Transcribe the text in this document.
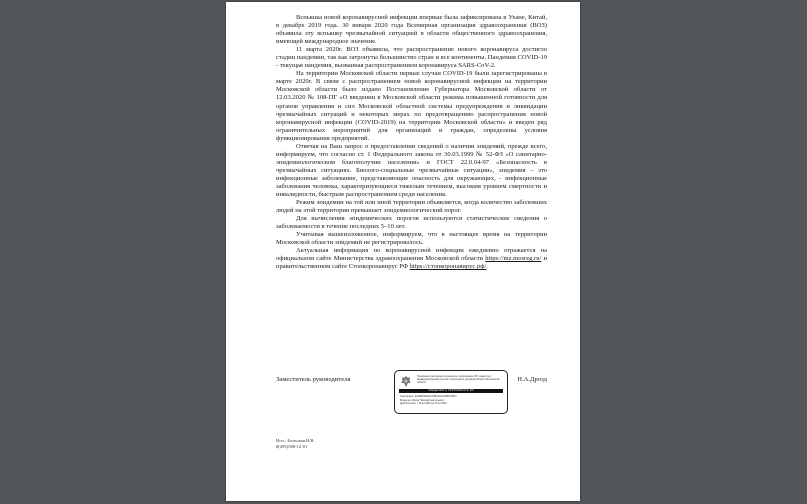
Вспышка новой коронавирусной инфекции впервые была зафиксирована в Ухане, Китай, в декабре 2019 года. 30 января 2020 года Всемирная организация здравоохранения (ВОЗ) объявила эту вспышку чрезвычайной ситуацией в области общественного здравоохранения, имеющей международное значение.

11 марта 2020г. ВОЗ объявила, что распространение нового коронавируса достигло стадии пандемии, так как затронуты большинство стран и все континенты. Пандемия COVID-19 - текущая пандемия, вызванная распространением коронавируса SARS-CoV-2.

На территории Московской области первые случаи COVID-19 были зарегистрированы в марте 2020г. В связи с распространением новой коронавирусной инфекции на территории Московской области было издано Постановление Губернатора Московской области от 12.03.2020 № 108-ПГ «О введении в Московской области режима повышенной готовности для органов управления и сил Московской областной системы предупреждения и ликвидации чрезвычайных ситуаций и некоторых мерах по предотвращению распространения новой коронавирусной инфекции (COVID-2019) на территории Московской области» и введен ряд ограничительных мероприятий для организаций и граждан, определены условия функционирования предприятий.

Отвечая на Ваш запрос о предоставлении сведений о наличии эпидемий, прежде всего, информируем, что согласно ст. 1 Федерального закона от 30.03.1999 № 52-ФЗ «О санитарно-эпидемиологическом благополучии населения» и ГОСТ 22.0.04-97 «Безопасность в чрезвычайных ситуациях. Биолого-социальные чрезвычайные ситуации», эпидемия – это инфекционные заболевание, представляющие опасность для окружающих, - инфекционные заболевания человека, характеризующиеся тяжелым течением, высоким уровнем смертности и инвалидности, быстрым распространением среди населения.

Режим эпидемии на той или иной территории объявляется, когда количество заболевших людей на этой территории превышает эпидемиологический порог.

Для вычисления эпидемических порогов используются статистические сведения о заболеваемости в течение последних 5–10 лет.

Учитывая вышеизложенное, информируем, что в настоящее время на территории Московской области эпидемий не регистрировалось.

Актуальная информация по коронавирусной инфекции ежедневно отражается на официальном сайте Министерства здравоохранения Московской области https://mz.mosreg.ru/ и правительственном сайте Стопкоронавирус РФ https://стопкоронавирус.рф/.

Заместитель руководителя	Подлинник электронного документа, подписанного ЭП, хранится в Межведомственной системе электронного документооборота Московской области
СВЕДЕНИЯ О СЕРТИФИКАТЕ ЭП
Сертификат: 0100BF0000AC7FB1AA4F236D7F8C4
Владелец: Дрозд Николай Анатольевич
Действителен: с 16.12.2020 до 16.12.2021
Н.А.Дрозд
Исп.: Бельская Н.В.
8(495)586-12-01
